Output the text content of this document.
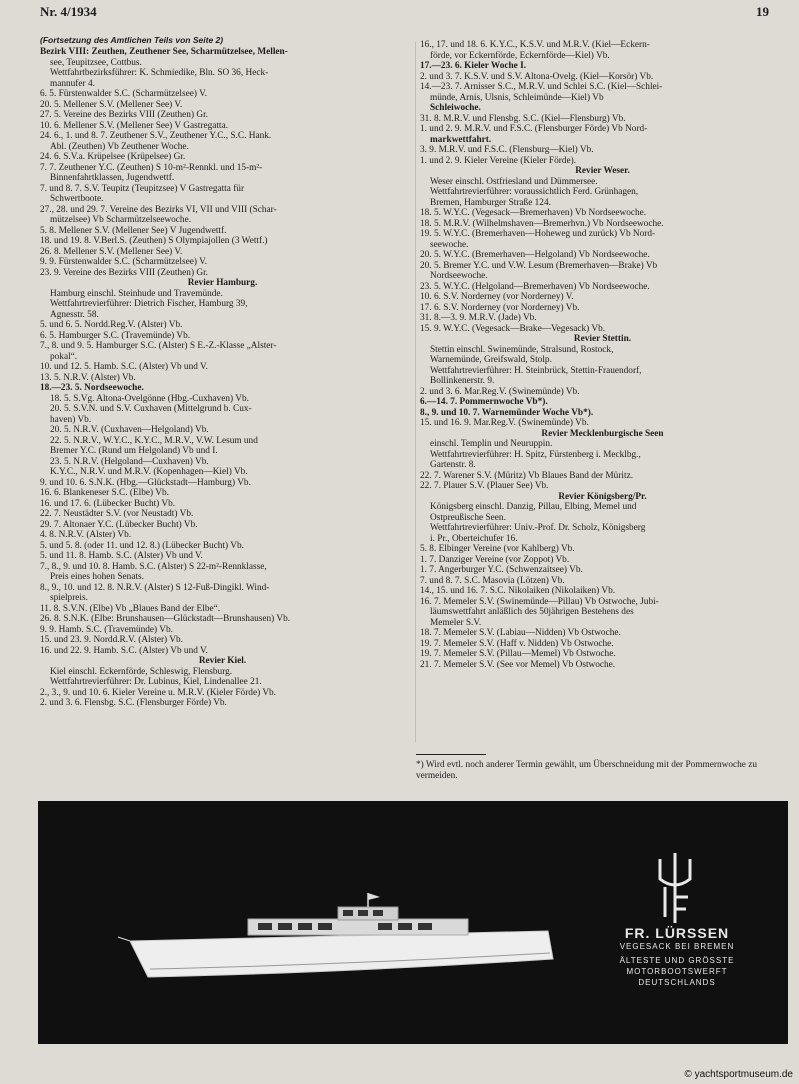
Nr. 4/1934	19
(Fortsetzung des Amtlichen Teils von Seite 2)
Bezirk VIII: Zeuthen, Zeuthener See, Scharmützelsee, Mellen-
see, Teupitzsee, Cottbus.
Wettfahrtbezirksführer: K. Schmiedike, Bln. SO 36, Heck-
mannufer 4.
6. 5. Fürstenwalder S.C. (Scharmützelsee) V.
20. 5. Mellener S.V. (Mellener See) V.
27. 5. Vereine des Bezirks VIII (Zeuthen) Gr.
10. 6. Mellener S.V. (Mellener See) V Gastregatta.
24. 6., 1. und 8. 7. Zeuthener S.V., Zeuthener Y.C., S.C. Hank.
Abl. (Zeuthen) Vb Zeuthener Woche.
24. 6. S.V.a. Krüpelsee (Krüpelsee) Gr.
7. 7. Zeuthener Y.C. (Zeuthen) S 10-m²-Rennkl. und 15-m²-
Binnenfahrtklassen, Jugendwettf.
7. und 8. 7. S.V. Teupitz (Teupitzsee) V Gastregatta für
Schwertboote.
27., 28. und 29. 7. Vereine des Bezirks VI, VII und VIII (Schar-
mützelsee) Vb Scharmützelseewoche.
5. 8. Mellener S.V. (Mellener See) V Jugendwettf.
18. und 19. 8. V.Berl.S. (Zeuthen) S Olympiajollen (3 Wettf.)
26. 8. Mellener S.V. (Mellener See) V.
9. 9. Fürstenwalder S.C. (Scharmützelsee) V.
23. 9. Vereine des Bezirks VIII (Zeuthen) Gr.
Revier Hamburg.
Hamburg einschl. Steinhude und Travemünde.
Wettfahrtrevierführer: Dietrich Fischer, Hamburg 39,
Agnesstr. 58.
5. und 6. 5. Nordd.Reg.V. (Alster) Vb.
6. 5. Hamburger S.C. (Travemünde) Vb.
7., 8. und 9. 5. Hamburger S.C. (Alster) S E.-Z.-Klasse „Alster-
pokal“.
10. und 12. 5. Hamb. S.C. (Alster) Vb und V.
13. 5. N.R.V. (Alster) Vb.
18.—23. 5. Nordseewoche.
18. 5. S.Vg. Altona-Övelgönne (Hbg.-Cuxhaven) Vb.
20. 5. S.V.N. und S.V. Cuxhaven (Mittelgrund b. Cux-
haven) Vb.
20. 5. N.R.V. (Cuxhaven—Helgoland) Vb.
22. 5. N.R.V., W.Y.C., K.Y.C., M.R.V., V.W. Lesum und
Bremer Y.C. (Rund um Helgoland) Vb und I.
23. 5. N.R.V. (Helgoland—Cuxhaven) Vb.
K.Y.C., N.R.V. und M.R.V. (Kopenhagen—Kiel) Vb.
9. und 10. 6. S.N.K. (Hbg.—Glückstadt—Hamburg) Vb.
16. 6. Blankeneser S.C. (Elbe) Vb.
16. und 17. 6. (Lübecker Bucht) Vb.
22. 7. Neustädter S.V. (vor Neustadt) Vb.
29. 7. Altonaer Y.C. (Lübecker Bucht) Vb.
4. 8. N.R.V. (Alster) Vb.
5. und 5. 8. (oder 11. und 12. 8.) (Lübecker Bucht) Vb.
5. und 11. 8. Hamb. S.C. (Alster) Vb und V.
7., 8., 9. und 10. 8. Hamb. S.C. (Alster) S 22-m²-Rennklasse,
Preis eines hohen Senats.
8., 9., 10. und 12. 8. N.R.V. (Alster) S 12-Fuß-Dingikl. Wind-
spielpreis.
11. 8. S.V.N. (Elbe) Vb „Blaues Band der Elbe“.
26. 8. S.N.K. (Elbe: Brunshausen—Glückstadt—Brunshausen) Vb.
9. 9. Hamb. S.C. (Travemünde) Vb.
15. und 23. 9. Nordd.R.V. (Alster) Vb.
16. und 22. 9. Hamb. S.C. (Alster) Vb und V.
Revier Kiel.
Kiel einschl. Eckernförde, Schleswig, Flensburg.
Wettfahrtrevierführer: Dr. Lubinus, Kiel, Lindenallee 21.
2., 3., 9. und 10. 6. Kieler Vereine u. M.R.V. (Kieler Förde) Vb.
2. und 3. 6. Flensbg. S.C. (Flensburger Förde) Vb.
16., 17. und 18. 6. K.Y.C., K.S.V. und M.R.V. (Kiel—Eckern-
förde, vor Eckernförde, Eckernförde—Kiel) Vb.
17.—23. 6. Kieler Woche I.
2. und 3. 7. K.S.V. und S.V. Altona-Övelg. (Kiel—Korsör) Vb.
14.—23. 7. Arnisser S.C., M.R.V. und Schlei S.C. (Kiel—Schlei-
münde, Arnis, Ulsnis, Schleimünde—Kiel) Vb
Schleiwoche.
31. 8. M.R.V. und Flensbg. S.C. (Kiel—Flensburg) Vb.
1. und 2. 9. M.R.V. und F.S.C. (Flensburger Förde) Vb Nord-
markwettfahrt.
3. 9. M.R.V. und F.S.C. (Flensburg—Kiel) Vb.
1. und 2. 9. Kieler Vereine (Kieler Förde).
Revier Weser.
Weser einschl. Ostfriesland und Dümmersee.
Wettfahrtrevierführer: voraussichtlich Ferd. Grünhagen,
Bremen, Hamburger Straße 124.
18. 5. W.Y.C. (Vegesack—Bremerhaven) Vb Nordseewoche.
18. 5. M.R.V. (Wilhelmshaven—Bremerhvn.) Vb Nordseewoche.
19. 5. W.Y.C. (Bremerhaven—Hoheweg und zurück) Vb Nord-
seewoche.
20. 5. W.Y.C. (Bremerhaven—Helgoland) Vb Nordseewoche.
20. 5. Bremer Y.C. und V.W. Lesum (Bremerhaven—Brake) Vb
Nordseewoche.
23. 5. W.Y.C. (Helgoland—Bremerhaven) Vb Nordseewoche.
10. 6. S.V. Norderney (vor Norderney) V.
17. 6. S.V. Norderney (vor Norderney) Vb.
31. 8.—3. 9. M.R.V. (Jade) Vb.
15. 9. W.Y.C. (Vegesack—Brake—Vegesack) Vb.
Revier Stettin.
Stettin einschl. Swinemünde, Stralsund, Rostock,
Warnemünde, Greifswald, Stolp.
Wettfahrtrevierführer: H. Steinbrück, Stettin-Frauendorf,
Bollinkenerstr. 9.
2. und 3. 6. Mar.Reg.V. (Swinemünde) Vb.
6.—14. 7. Pommernwoche Vb*).
8., 9. und 10. 7. Warnemünder Woche Vb*).
15. und 16. 9. Mar.Reg.V. (Swinemünde) Vb.
Revier Mecklenburgische Seen
einschl. Templin und Neuruppin.
Wettfahrtrevierführer: H. Spitz, Fürstenberg i. Mecklbg.,
Gartenstr. 8.
22. 7. Warener S.V. (Müritz) Vb Blaues Band der Müritz.
22. 7. Plauer S.V. (Plauer See) Vb.
Revier Königsberg/Pr.
Königsberg einschl. Danzig, Pillau, Elbing, Memel und
Ostpreußische Seen.
Wettfahrtrevierführer: Univ.-Prof. Dr. Scholz, Königsberg
i. Pr., Oberteichufer 16.
5. 8. Elbinger Vereine (vor Kahlberg) Vb.
1. 7. Danziger Vereine (vor Zoppot) Vb.
1. 7. Angerburger Y.C. (Schwenzaitsee) Vb.
7. und 8. 7. S.C. Masovia (Lötzen) Vb.
14., 15. und 16. 7. S.C. Nikolaiken (Nikolaiken) Vb.
16. 7. Memeler S.V. (Swinemünde—Pillau) Vb Ostwoche, Jubi-
läumswettfahrt anläßlich des 50jährigen Bestehens des
Memeler S.V.
18. 7. Memeler S.V. (Labiau—Nidden) Vb Ostwoche.
19. 7. Memeler S.V. (Haff v. Nidden) Vb Ostwoche.
19. 7. Memeler S.V. (Pillau—Memel) Vb Ostwoche.
21. 7. Memeler S.V. (See vor Memel) Vb Ostwoche.
*) Wird evtl. noch anderer Termin gewählt, um Überschneidung mit der Pommernwoche zu vermeiden.
FR. LÜRSSEN
VEGESACK BEI BREMEN
ÄLTESTE UND GRÖSSTE
MOTORBOOTSWERFT
DEUTSCHLANDS
© yachtsportmuseum.de
